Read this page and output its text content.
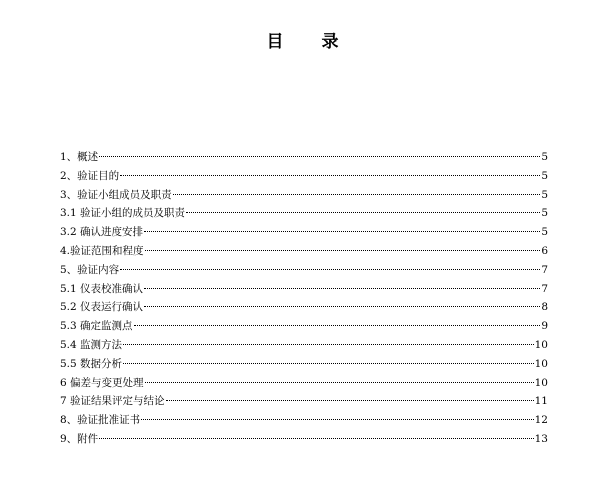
目 录
1、概述	5
2、验证目的	5
3、验证小组成员及职责	5
3.1 验证小组的成员及职责	5
3.2 确认进度安排	5
4.验证范围和程度	6
5、验证内容	7
5.1 仪表校准确认	7
5.2 仪表运行确认	8
5.3 确定监测点	9
5.4 监测方法	10
5.5 数据分析	10
6 偏差与变更处理	10
7 验证结果评定与结论	11
8、验证批准证书	12
9、附件	13
